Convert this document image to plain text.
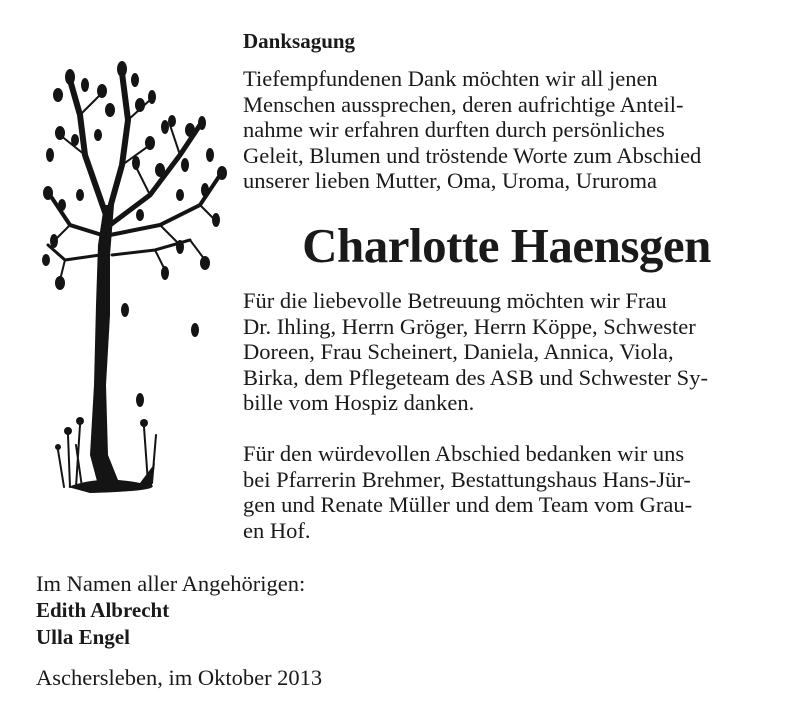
Danksagung
Tiefempfundenen Dank möchten wir all jenen
Menschen aussprechen, deren aufrichtige Anteil-
nahme wir erfahren durften durch persönliches
Geleit, Blumen und tröstende Worte zum Abschied
unserer lieben Mutter, Oma, Uroma, Ururoma
Charlotte Haensgen
Für die liebevolle Betreuung möchten wir Frau
Dr. Ihling, Herrn Gröger, Herrn Köppe, Schwester
Doreen, Frau Scheinert, Daniela, Annica, Viola,
Birka, dem Pflegeteam des ASB und Schwester Sy-
bille vom Hospiz danken.
Für den würdevollen Abschied bedanken wir uns
bei Pfarrerin Brehmer, Bestattungshaus Hans-Jür-
gen und Renate Müller und dem Team vom Grau-
en Hof.
Im Namen aller Angehörigen:
Edith Albrecht
Ulla Engel
Aschersleben, im Oktober 2013
